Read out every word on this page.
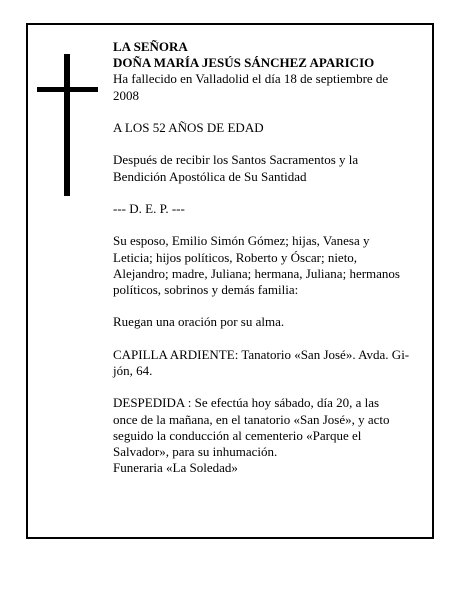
LA SEÑORA

DOÑA MARÍA JESÚS SÁNCHEZ APARICIO

Ha fallecido en Valladolid el día 18 de septiembre de

2008

A LOS 52 AÑOS DE EDAD

Después de recibir los Santos Sacramentos y la

Bendición Apostólica de Su Santidad

--- D. E. P. ---

Su esposo, Emilio Simón Gómez; hijas, Vanesa y

Leticia; hijos políticos, Roberto y Óscar; nieto,

Alejandro; madre, Juliana; hermana, Juliana; hermanos

políticos, sobrinos y demás familia:

Ruegan una oración por su alma.

CAPILLA ARDIENTE: Tanatorio «San José». Avda. Gi-

jón, 64.

DESPEDIDA : Se efectúa hoy sábado, día 20, a las

once de la mañana, en el tanatorio «San José», y acto

seguido la conducción al cementerio «Parque el

Salvador», para su inhumación.

Funeraria «La Soledad»
